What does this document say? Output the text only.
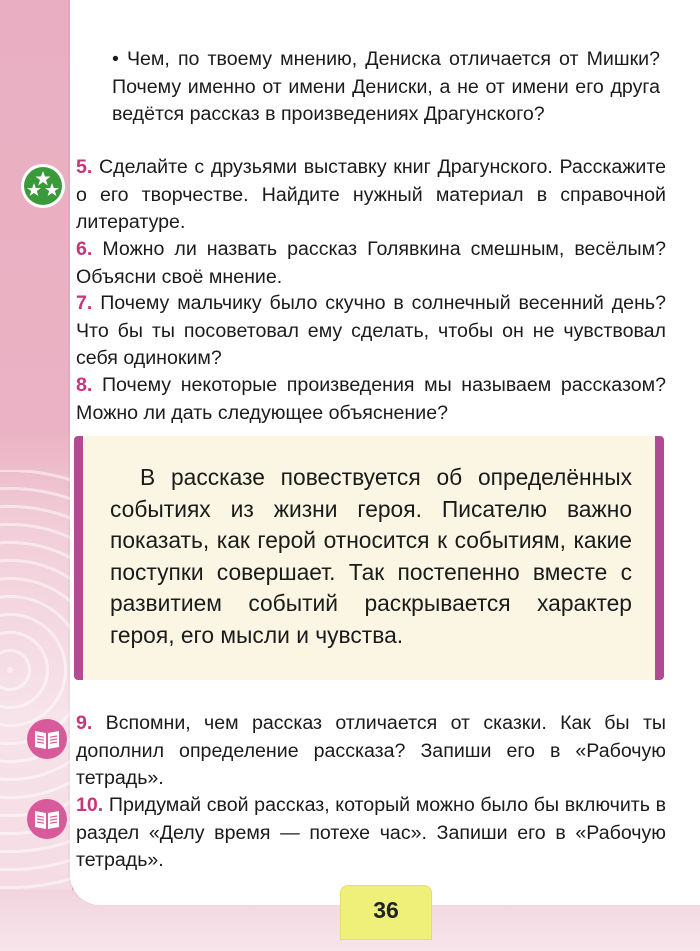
• Чем, по твоему мнению, Дениска отличается от Мишки? Почему именно от имени Дениски, а не от имени его друга ведётся рассказ в произведениях Драгунского?

5. Сделайте с друзьями выставку книг Драгунского. Расскажите о его творчестве. Найдите нужный материал в справочной литературе.

6. Можно ли назвать рассказ Голявкина смешным, весёлым? Объясни своё мнение.

7. Почему мальчику было скучно в солнечный весенний день? Что бы ты посоветовал ему сделать, чтобы он не чувствовал себя одиноким?

8. Почему некоторые произведения мы называем рассказом? Можно ли дать следующее объяснение?

В рассказе повествуется об определённых событиях из жизни героя. Писателю важно показать, как герой относится к событиям, какие поступки совершает. Так постепенно вместе с развитием событий раскрывается характер героя, его мысли и чувства.

9. Вспомни, чем рассказ отличается от сказки. Как бы ты дополнил определение рассказа? Запиши его в «Рабочую тетрадь».

10. Придумай свой рассказ, который можно было бы включить в раздел «Делу время — потехе час». Запиши его в «Рабочую тетрадь».

36
